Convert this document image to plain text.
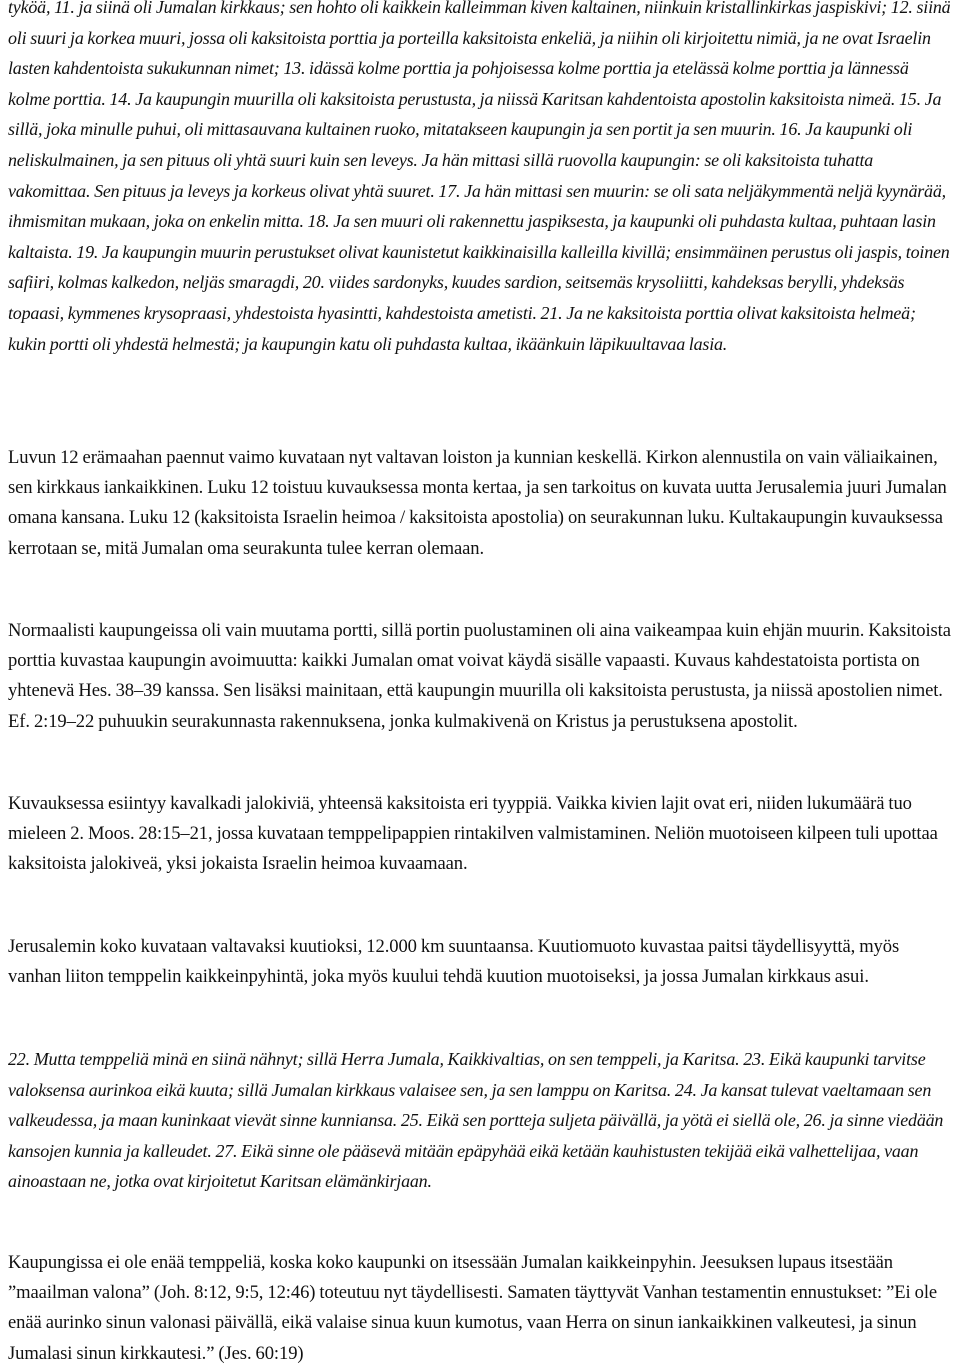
tyköä, 11. ja siinä oli Jumalan kirkkaus; sen hohto oli kaikkein kalleimman kiven kaltainen, niinkuin kristallinkirkas jaspiskivi; 12. siinä oli suuri ja korkea muuri, jossa oli kaksitoista porttia ja porteilla kaksitoista enkeliä, ja niihin oli kirjoitettu nimiä, ja ne ovat Israelin lasten kahdentoista sukukunnan nimet; 13. idässä kolme porttia ja pohjoisessa kolme porttia ja etelässä kolme porttia ja lännessä kolme porttia. 14. Ja kaupungin muurilla oli kaksitoista perustusta, ja niissä Karitsan kahdentoista apostolin kaksitoista nimeä. 15. Ja sillä, joka minulle puhui, oli mittasauvana kultainen ruoko, mitatakseen kaupungin ja sen portit ja sen muurin. 16. Ja kaupunki oli neliskulmainen, ja sen pituus oli yhtä suuri kuin sen leveys. Ja hän mittasi sillä ruovolla kaupungin: se oli kaksitoista tuhatta vakomittaa. Sen pituus ja leveys ja korkeus olivat yhtä suuret. 17. Ja hän mittasi sen muurin: se oli sata neljäkymmentä neljä kyynärää, ihmismitan mukaan, joka on enkelin mitta. 18. Ja sen muuri oli rakennettu jaspiksesta, ja kaupunki oli puhdasta kultaa, puhtaan lasin kaltaista. 19. Ja kaupungin muurin perustukset olivat kaunistetut kaikkinaisilla kalleilla kivillä; ensimmäinen perustus oli jaspis, toinen safiiri, kolmas kalkedon, neljäs smaragdi, 20. viides sardonyks, kuudes sardion, seitsemäs krysoliitti, kahdeksas berylli, yhdeksäs topaasi, kymmenes krysopraasi, yhdestoista hyasintti, kahdestoista ametisti. 21. Ja ne kaksitoista porttia olivat kaksitoista helmeä; kukin portti oli yhdestä helmestä; ja kaupungin katu oli puhdasta kultaa, ikäänkuin läpikuultavaa lasia.

Luvun 12 erämaahan paennut vaimo kuvataan nyt valtavan loiston ja kunnian keskellä. Kirkon alennustila on vain väliaikainen, sen kirkkaus iankaikkinen. Luku 12 toistuu kuvauksessa monta kertaa, ja sen tarkoitus on kuvata uutta Jerusalemia juuri Jumalan omana kansana. Luku 12 (kaksitoista Israelin heimoa / kaksitoista apostolia) on seurakunnan luku. Kultakaupungin kuvauksessa kerrotaan se, mitä Jumalan oma seurakunta tulee kerran olemaan.

Normaalisti kaupungeissa oli vain muutama portti, sillä portin puolustaminen oli aina vaikeampaa kuin ehjän muurin. Kaksitoista porttia kuvastaa kaupungin avoimuutta: kaikki Jumalan omat voivat käydä sisälle vapaasti. Kuvaus kahdestatoista portista on yhtenevä Hes. 38–39 kanssa. Sen lisäksi mainitaan, että kaupungin muurilla oli kaksitoista perustusta, ja niissä apostolien nimet. Ef. 2:19–22 puhuukin seurakunnasta rakennuksena, jonka kulmakivenä on Kristus ja perustuksena apostolit.

Kuvauksessa esiintyy kavalkadi jalokiviä, yhteensä kaksitoista eri tyyppiä. Vaikka kivien lajit ovat eri, niiden lukumäärä tuo mieleen 2. Moos. 28:15–21, jossa kuvataan temppelipappien rintakilven valmistaminen. Neliön muotoiseen kilpeen tuli upottaa kaksitoista jalokiveä, yksi jokaista Israelin heimoa kuvaamaan.

Jerusalemin koko kuvataan valtavaksi kuutioksi, 12.000 km suuntaansa. Kuutiomuoto kuvastaa paitsi täydellisyyttä, myös vanhan liiton temppelin kaikkeinpyhintä, joka myös kuului tehdä kuution muotoiseksi, ja jossa Jumalan kirkkaus asui.

22. Mutta temppeliä minä en siinä nähnyt; sillä Herra Jumala, Kaikkivaltias, on sen temppeli, ja Karitsa. 23. Eikä kaupunki tarvitse valoksensa aurinkoa eikä kuuta; sillä Jumalan kirkkaus valaisee sen, ja sen lamppu on Karitsa. 24. Ja kansat tulevat vaeltamaan sen valkeudessa, ja maan kuninkaat vievät sinne kunniansa. 25. Eikä sen portteja suljeta päivällä, ja yötä ei siellä ole, 26. ja sinne viedään kansojen kunnia ja kalleudet. 27. Eikä sinne ole pääsevä mitään epäpyhää eikä ketään kauhistusten tekijää eikä valhettelijaa, vaan ainoastaan ne, jotka ovat kirjoitetut Karitsan elämänkirjaan.

Kaupungissa ei ole enää temppeliä, koska koko kaupunki on itsessään Jumalan kaikkeinpyhin. Jeesuksen lupaus itsestään ”maailman valona” (Joh. 8:12, 9:5, 12:46) toteutuu nyt täydellisesti. Samaten täyttyvät Vanhan testamentin ennustukset: ”Ei ole enää aurinko sinun valonasi päivällä, eikä valaise sinua kuun kumotus, vaan Herra on sinun iankaikkinen valkeutesi, ja sinun Jumalasi sinun kirkkautesi.” (Jes. 60:19)
